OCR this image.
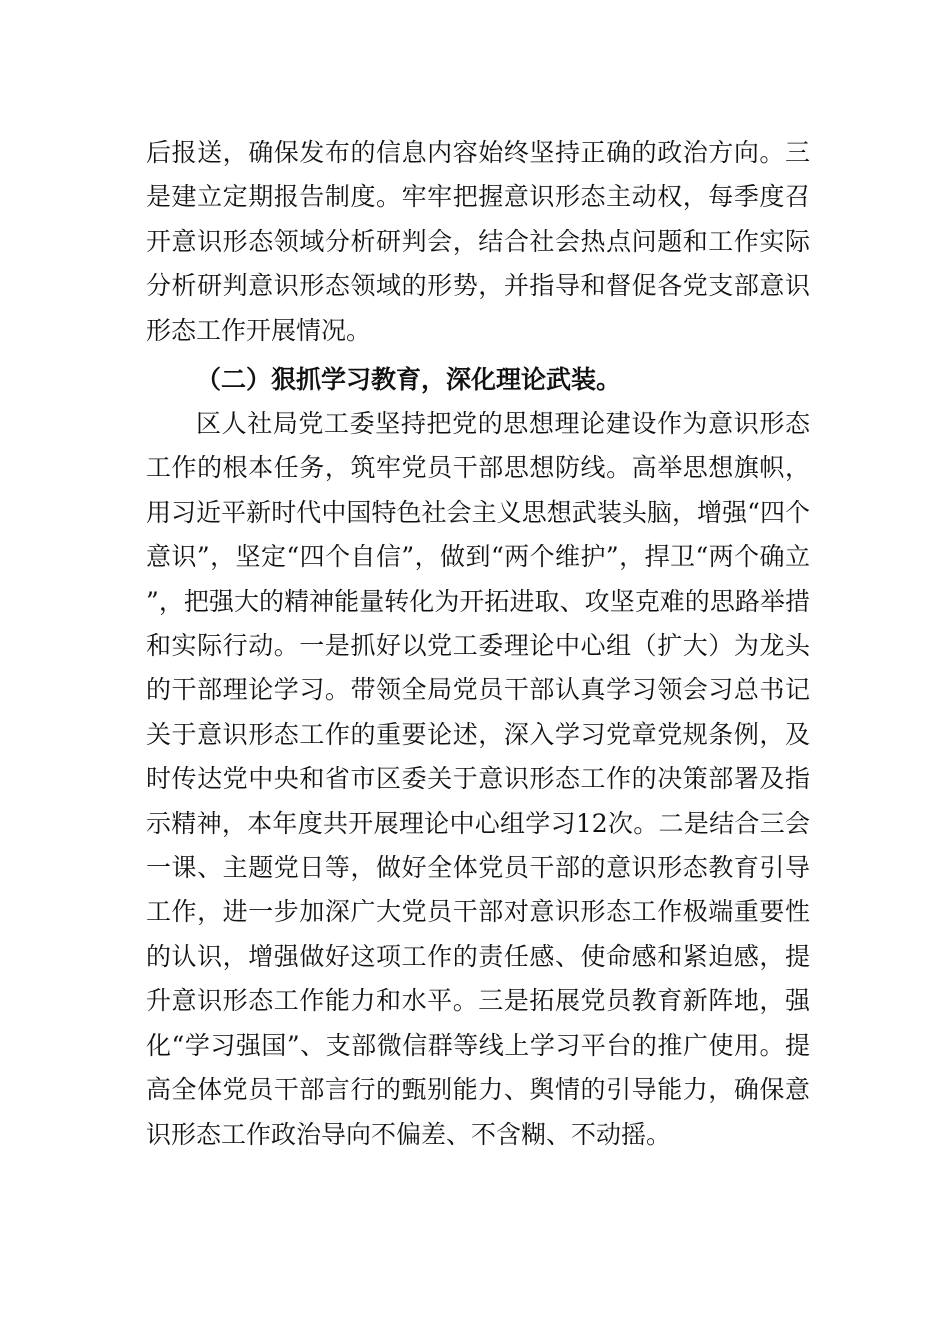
后报送，确保发布的信息内容始终坚持正确的政治方向。三是建立定期报告制度。牢牢把握意识形态主动权，每季度召开意识形态领域分析研判会，结合社会热点问题和工作实际分析研判意识形态领域的形势，并指导和督促各党支部意识形态工作开展情况。

（二）狠抓学习教育，深化理论武装。

区人社局党工委坚持把党的思想理论建设作为意识形态工作的根本任务，筑牢党员干部思想防线。高举思想旗帜，用习近平新时代中国特色社会主义思想武装头脑，增强“四个意识”，坚定“四个自信”，做到“两个维护”，捍卫“两个确立”，把强大的精神能量转化为开拓进取、攻坚克难的思路举措和实际行动。一是抓好以党工委理论中心组（扩大）为龙头的干部理论学习。带领全局党员干部认真学习领会习总书记关于意识形态工作的重要论述，深入学习党章党规条例，及时传达党中央和省市区委关于意识形态工作的决策部署及指示精神，本年度共开展理论中心组学习12次。二是结合三会一课、主题党日等，做好全体党员干部的意识形态教育引导工作，进一步加深广大党员干部对意识形态工作极端重要性的认识，增强做好这项工作的责任感、使命感和紧迫感，提升意识形态工作能力和水平。三是拓展党员教育新阵地，强化“学习强国”、支部微信群等线上学习平台的推广使用。提高全体党员干部言行的甄别能力、舆情的引导能力，确保意识形态工作政治导向不偏差、不含糊、不动摇。
